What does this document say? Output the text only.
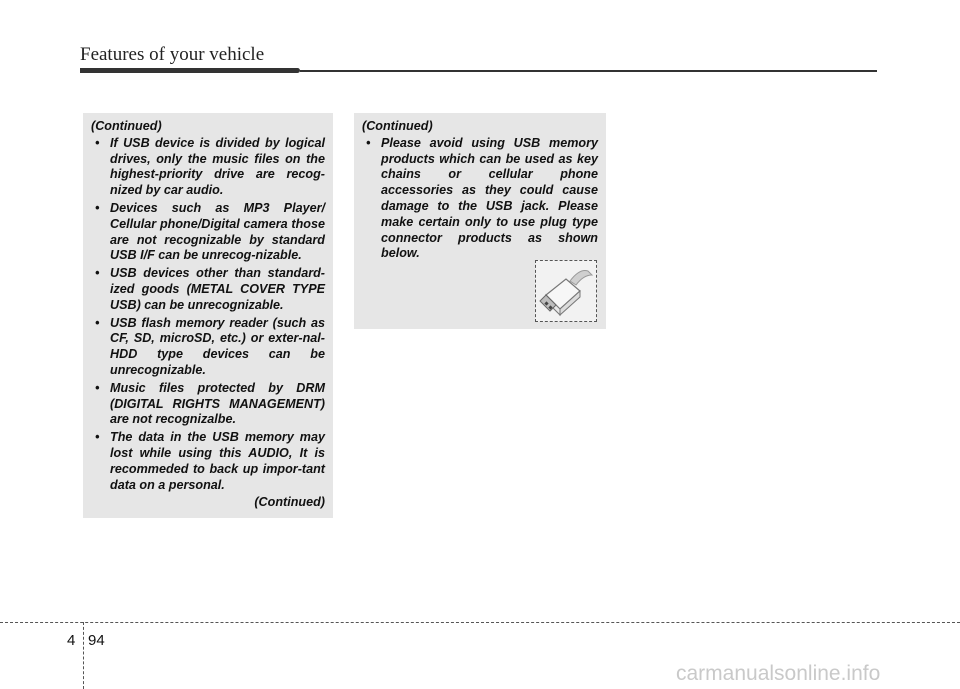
Features of your vehicle
(Continued)
• If USB device is divided by logical drives, only the music files on the highest-priority drive are recog-nized by car audio.
• Devices such as MP3 Player/ Cellular phone/Digital camera those are not recognizable by standard USB I/F can be unrecog-nizable.
• USB devices other than standard-ized goods (METAL COVER TYPE USB) can be unrecognizable.
• USB flash memory reader (such as CF, SD, microSD, etc.) or exter-nal-HDD type devices can be unrecognizable.
• Music files protected by DRM (DIGITAL RIGHTS MANAGEMENT) are not recognizalbe.
• The data in the USB memory may lost while using this AUDIO, It is recommeded to back up impor-tant data on a personal.
(Continued)
(Continued)
• Please avoid using USB memory products which can be used as key chains or cellular phone accessories as they could cause damage to the USB jack. Please make certain only to use plug type connector products as shown below.
4 94
carmanualsonline.info
